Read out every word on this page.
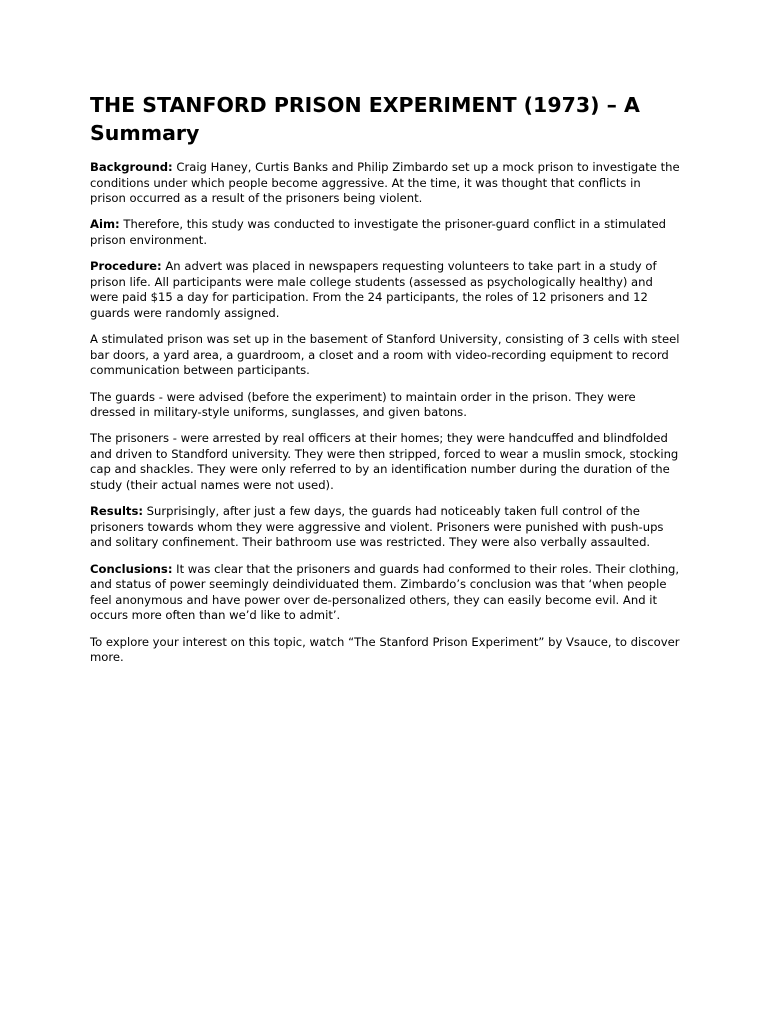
THE STANFORD PRISON EXPERIMENT (1973) – A Summary

Background: Craig Haney, Curtis Banks and Philip Zimbardo set up a mock prison to investigate the conditions under which people become aggressive. At the time, it was thought that conflicts in prison occurred as a result of the prisoners being violent.

Aim: Therefore, this study was conducted to investigate the prisoner-guard conflict in a stimulated prison environment.

Procedure: An advert was placed in newspapers requesting volunteers to take part in a study of prison life. All participants were male college students (assessed as psychologically healthy) and were paid $15 a day for participation. From the 24 participants, the roles of 12 prisoners and 12 guards were randomly assigned.

A stimulated prison was set up in the basement of Stanford University, consisting of 3 cells with steel bar doors, a yard area, a guardroom, a closet and a room with video-recording equipment to record communication between participants.

The guards - were advised (before the experiment) to maintain order in the prison. They were dressed in military-style uniforms, sunglasses, and given batons.

The prisoners - were arrested by real officers at their homes; they were handcuffed and blindfolded and driven to Standford university. They were then stripped, forced to wear a muslin smock, stocking cap and shackles. They were only referred to by an identification number during the duration of the study (their actual names were not used).

Results: Surprisingly, after just a few days, the guards had noticeably taken full control of the prisoners towards whom they were aggressive and violent. Prisoners were punished with push-ups and solitary confinement. Their bathroom use was restricted. They were also verbally assaulted.

Conclusions: It was clear that the prisoners and guards had conformed to their roles. Their clothing, and status of power seemingly deindividuated them. Zimbardo’s conclusion was that ‘when people feel anonymous and have power over de-personalized others, they can easily become evil. And it occurs more often than we’d like to admit’.

To explore your interest on this topic, watch “The Stanford Prison Experiment” by Vsauce, to discover more.
